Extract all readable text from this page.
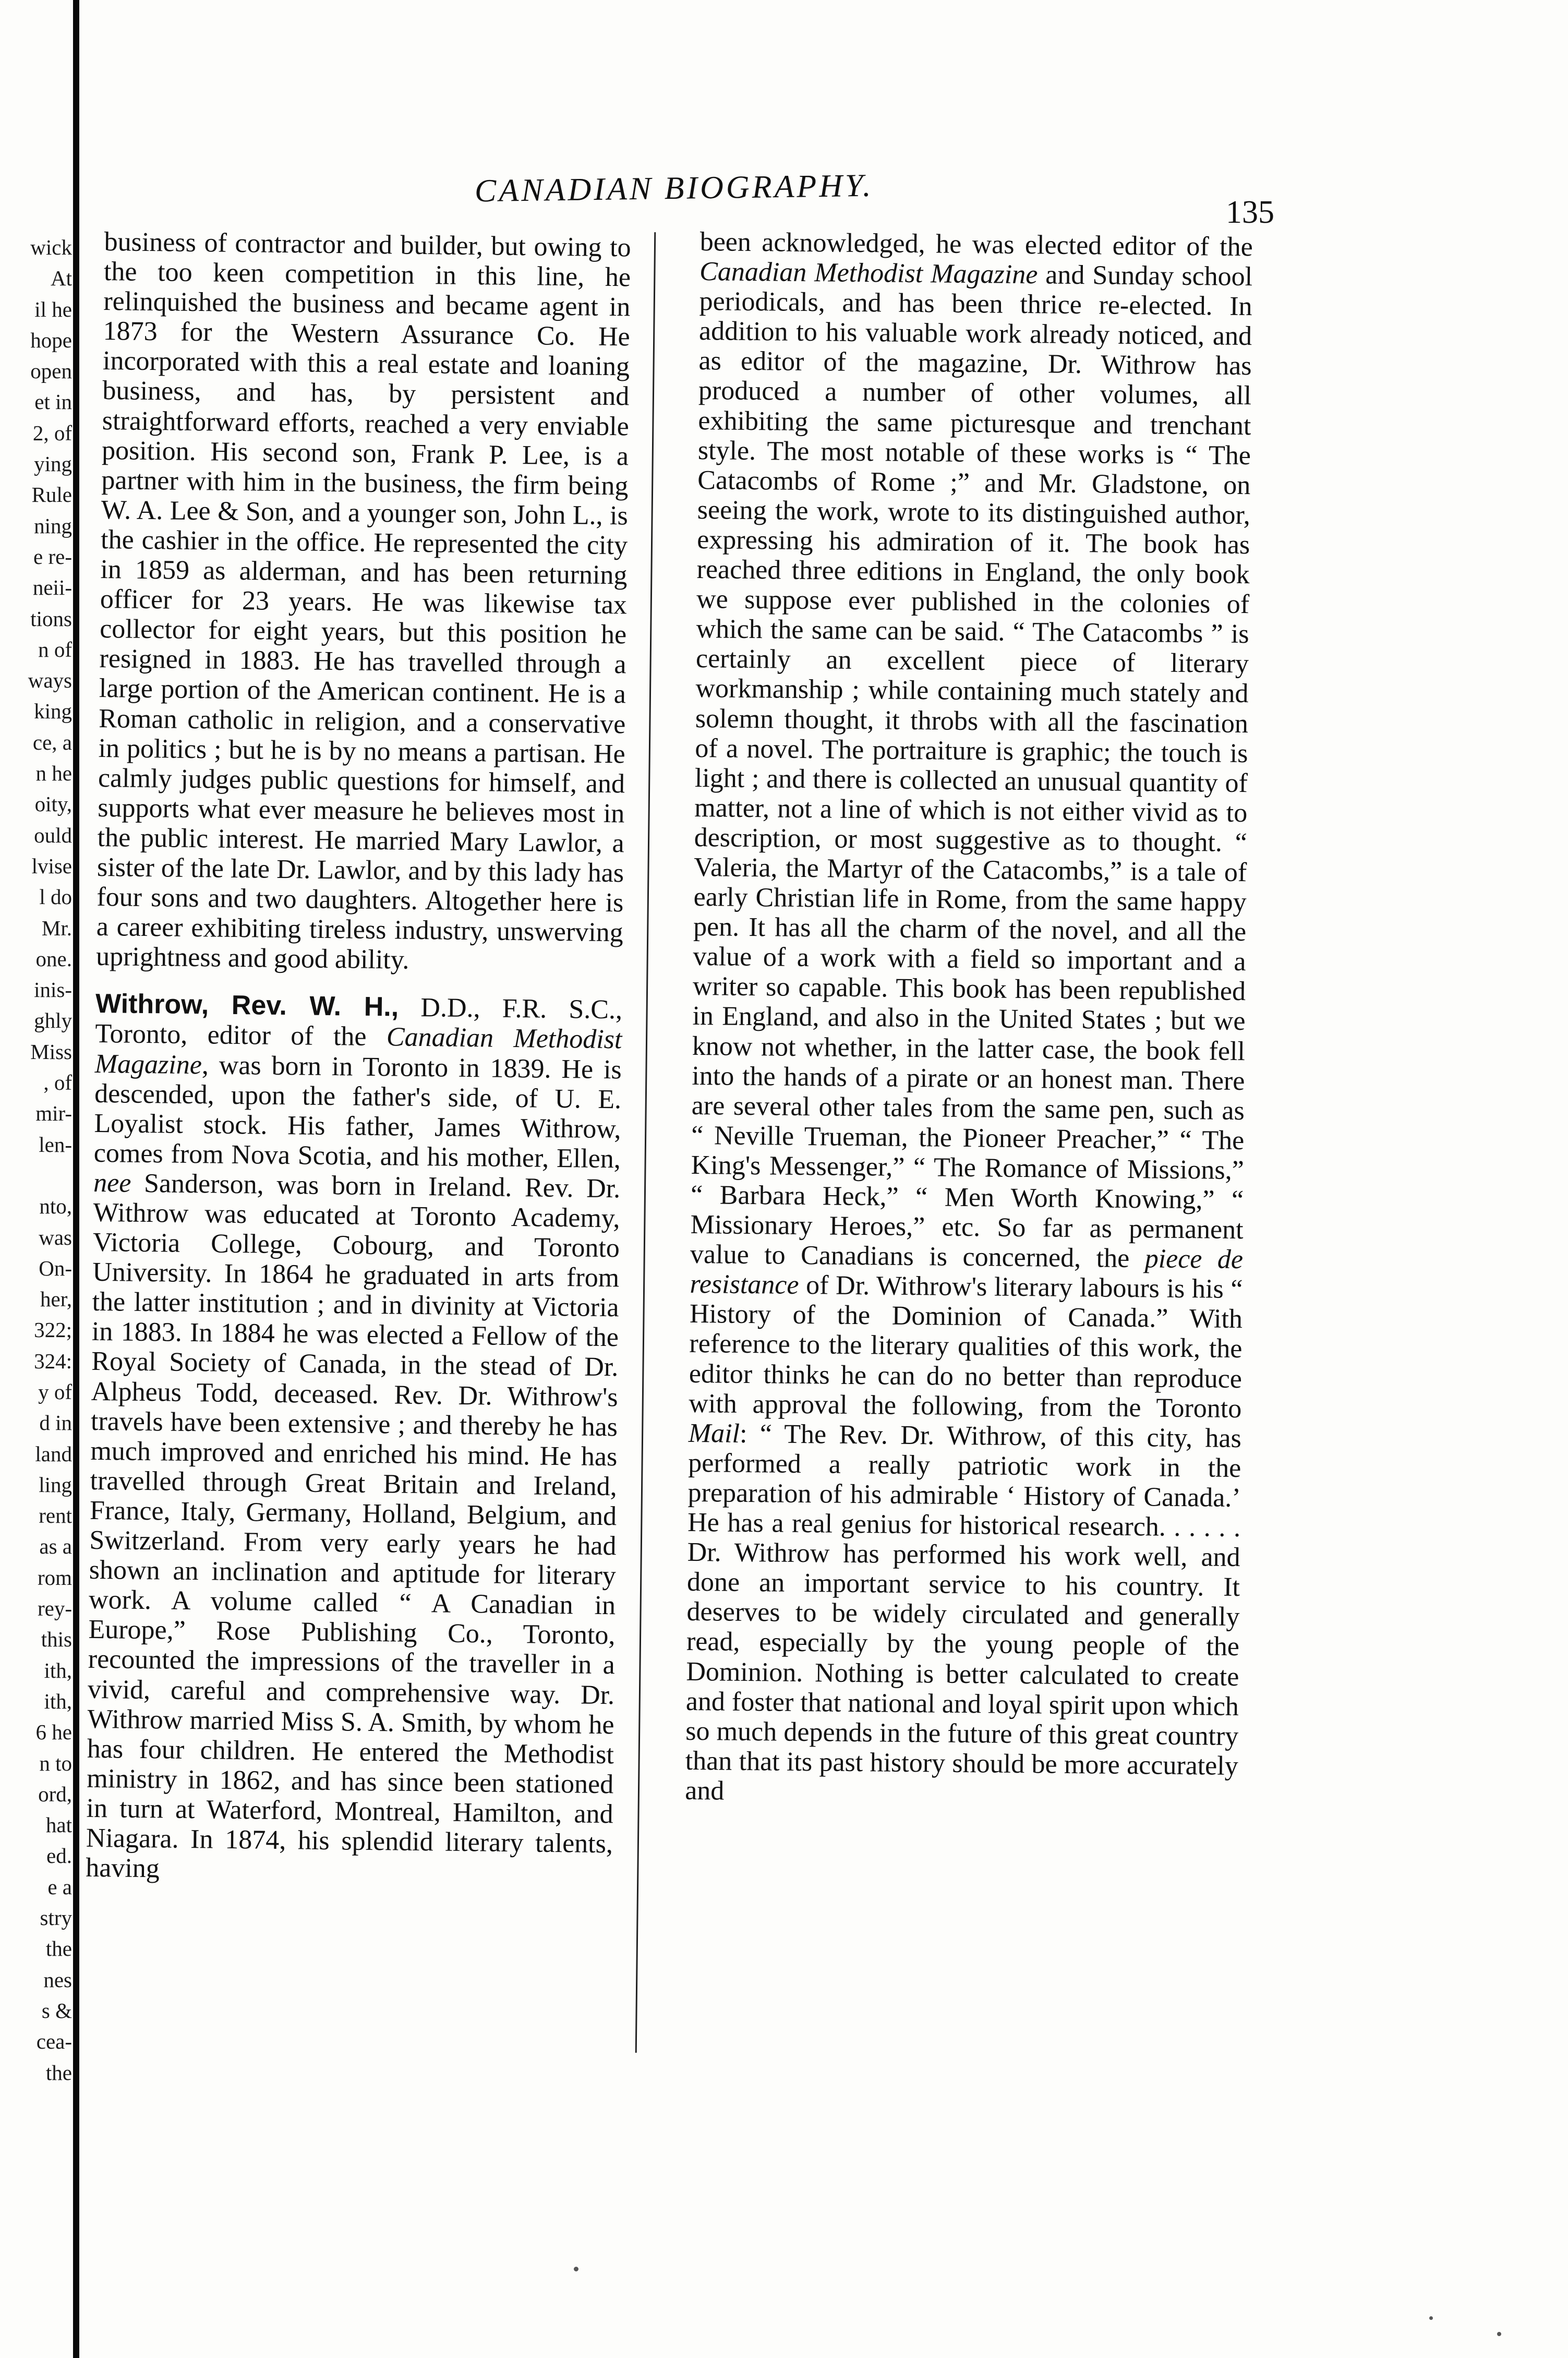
wick
At
il he
hope
open
et in
2, of
ying
Rule
ning
e re-
neii-
tions
n of
ways
king
ce, a
n he
oity,
ould
lvise
l do
Mr.
one.
inis-
ghly
Miss
, of
mir-
len-

nto,
was
On-
her,
322;
324:
y of
d in
land
ling
rent
as a
rom
rey-
this
ith,
ith,
6 he
n to
ord,
hat
ed.
e a
stry
the
nes
s &
cea-
the
CANADIAN BIOGRAPHY.
135

business of contractor and builder, but owing to the too keen competition in this line, he relinquished the business and became agent in 1873 for the Western Assurance Co. He incorporated with this a real estate and loaning business, and has, by persistent and straightforward efforts, reached a very enviable position. His second son, Frank P. Lee, is a partner with him in the business, the firm being W. A. Lee & Son, and a younger son, John L., is the cashier in the office. He represented the city in 1859 as alderman, and has been returning officer for 23 years. He was likewise tax collector for eight years, but this position he resigned in 1883. He has travelled through a large portion of the American continent. He is a Roman catholic in religion, and a conservative in politics ; but he is by no means a partisan. He calmly judges public questions for himself, and supports what ever measure he believes most in the public interest. He married Mary Lawlor, a sister of the late Dr. Lawlor, and by this lady has four sons and two daughters. Altogether here is a career exhibiting tireless industry, unswerving uprightness and good ability.

Withrow, Rev. W. H., D.D., F.R. S.C., Toronto, editor of the Canadian Methodist Magazine, was born in Toronto in 1839. He is descended, upon the father's side, of U. E. Loyalist stock. His father, James Withrow, comes from Nova Scotia, and his mother, Ellen, nee Sanderson, was born in Ireland. Rev. Dr. Withrow was educated at Toronto Academy, Victoria College, Cobourg, and Toronto University. In 1864 he graduated in arts from the latter institution ; and in divinity at Victoria in 1883. In 1884 he was elected a Fellow of the Royal Society of Canada, in the stead of Dr. Alpheus Todd, deceased. Rev. Dr. Withrow's travels have been extensive ; and thereby he has much improved and enriched his mind. He has travelled through Great Britain and Ireland, France, Italy, Germany, Holland, Belgium, and Switzerland. From very early years he had shown an inclination and aptitude for literary work. A volume called “ A Canadian in Europe,” Rose Publishing Co., Toronto, recounted the impressions of the traveller in a vivid, careful and comprehensive way. Dr. Withrow married Miss S. A. Smith, by whom he has four children. He entered the Methodist ministry in 1862, and has since been stationed in turn at Waterford, Montreal, Hamilton, and Niagara. In 1874, his splendid literary talents, having

been acknowledged, he was elected editor of the Canadian Methodist Magazine and Sunday school periodicals, and has been thrice re-elected. In addition to his valuable work already noticed, and as editor of the magazine, Dr. Withrow has produced a number of other volumes, all exhibiting the same picturesque and trenchant style. The most notable of these works is “ The Catacombs of Rome ;” and Mr. Gladstone, on seeing the work, wrote to its distinguished author, expressing his admiration of it. The book has reached three editions in England, the only book we suppose ever published in the colonies of which the same can be said. “ The Catacombs ” is certainly an excellent piece of literary workmanship ; while containing much stately and solemn thought, it throbs with all the fascination of a novel. The portraiture is graphic; the touch is light ; and there is collected an unusual quantity of matter, not a line of which is not either vivid as to description, or most suggestive as to thought. “ Valeria, the Martyr of the Catacombs,” is a tale of early Christian life in Rome, from the same happy pen. It has all the charm of the novel, and all the value of a work with a field so important and a writer so capable. This book has been republished in England, and also in the United States ; but we know not whether, in the latter case, the book fell into the hands of a pirate or an honest man. There are several other tales from the same pen, such as “ Neville Trueman, the Pioneer Preacher,” “ The King's Messenger,” “ The Romance of Missions,” “ Barbara Heck,” “ Men Worth Knowing,” “ Missionary Heroes,” etc. So far as permanent value to Canadians is concerned, the piece de resistance of Dr. Withrow's literary labours is his “ History of the Dominion of Canada.” With reference to the literary qualities of this work, the editor thinks he can do no better than reproduce with approval the following, from the Toronto Mail: “ The Rev. Dr. Withrow, of this city, has performed a really patriotic work in the preparation of his admirable ‘ History of Canada.’ He has a real genius for historical research. . . . . . Dr. Withrow has performed his work well, and done an important service to his country. It deserves to be widely circulated and generally read, especially by the young people of the Dominion. Nothing is better calculated to create and foster that national and loyal spirit upon which so much depends in the future of this great country than that its past history should be more accurately and
